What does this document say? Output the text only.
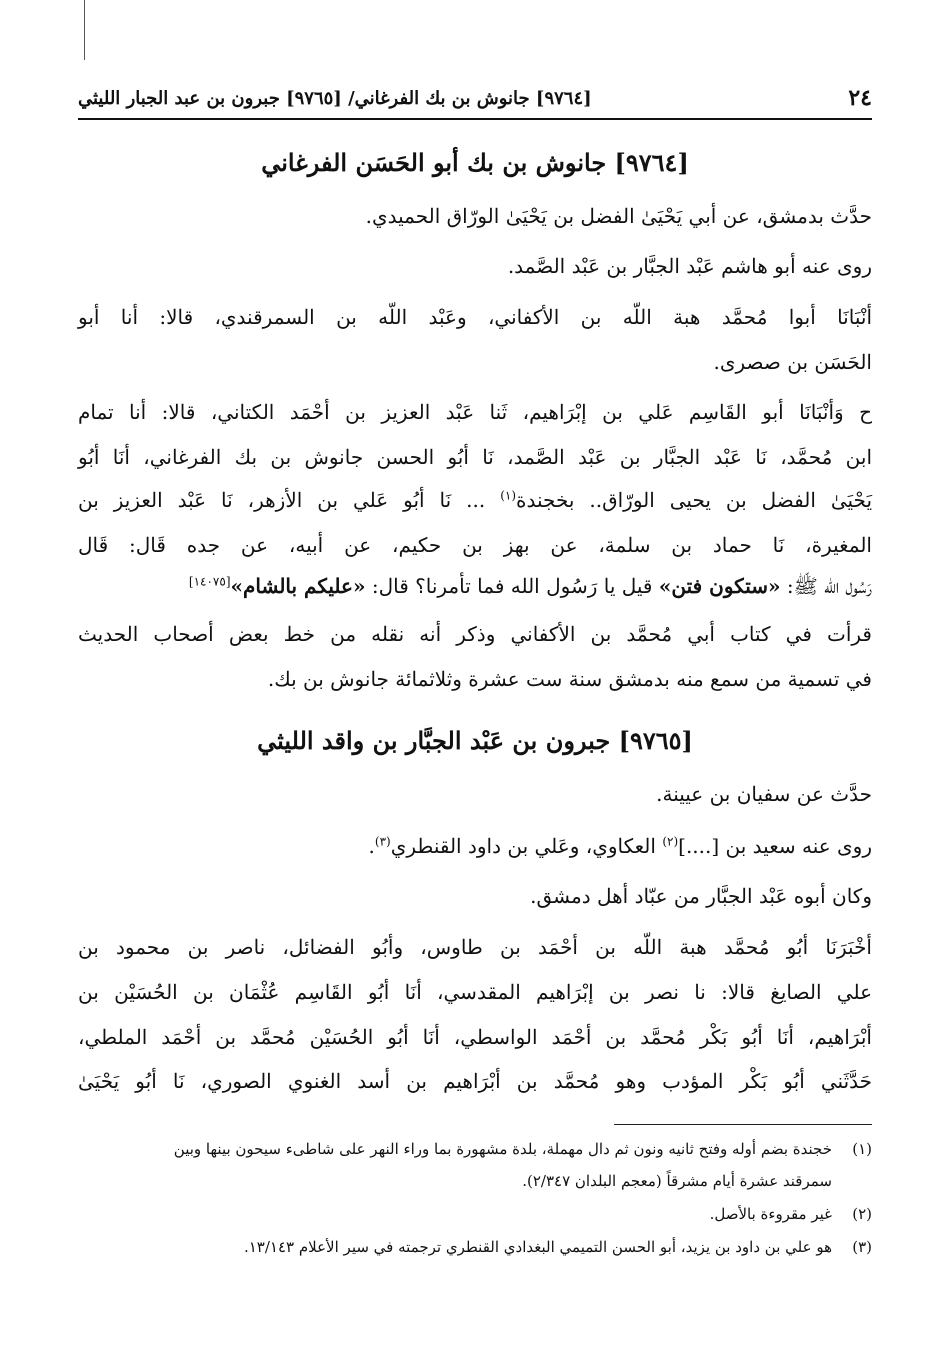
٢٤
[٩٧٦٤] جانوش بن بك الفرغاني/ [٩٧٦٥] جبرون بن عبد الجبار الليثي
[٩٧٦٤] جانوش بن بك أبو الحَسَن الفرغاني
حدَّث بدمشق، عن أبي يَحْيَىٰ الفضل بن يَحْيَىٰ الورّاق الحميدي.
روى عنه أبو هاشم عَبْد الجبَّار بن عَبْد الصَّمد.
أنْبَانَا أبوا مُحمَّد هبة اللّه بن الأكفاني، وعَبْد اللّه بن السمرقندي، قالا: أنا أبو
الحَسَن بن صصرى.
ح وَأنْبَانَا أبو القَاسِم عَلي بن إبْرَاهيم، ثَنا عَبْد العزيز بن أحْمَد الكتاني، قالا: أنا تمام
ابن مُحمَّد، نَا عَبْد الجبَّار بن عَبْد الصَّمد، نَا أبُو الحسن جانوش بن بك الفرغاني، أنَا أبُو
يَحْيَىٰ الفضل بن يحيى الورّاق.. بخجندة$^{(١)}$ ... نَا أبُو عَلي بن الأزهر، نَا عَبْد العزيز بن
المغيرة، نَا حماد بن سلمة، عن بهز بن حكيم، عن أبيه، عن جده قَال: قَال
رَسُول الله ﷺ: «ستكون فتن» قيل يا رَسُول الله فما تأمرنا؟ قال: «عليكم بالشام»[١٤٠٧٥]
قرأت في كتاب أبي مُحمَّد بن الأكفاني وذكر أنه نقله من خط بعض أصحاب الحديث
في تسمية من سمع منه بدمشق سنة ست عشرة وثلاثمائة جانوش بن بك.
[٩٧٦٥] جبرون بن عَبْد الجبَّار بن واقد الليثي
حدَّث عن سفيان بن عيينة.
روى عنه سعيد بن [....]$^{(٢)}$ العكاوي، وعَلي بن داود القنطري$^{(٣)}$.
وكان أبوه عَبْد الجبَّار من عبّاد أهل دمشق.
أخْبَرَنَا أبُو مُحمَّد هبة اللّه بن أحْمَد بن طاوس، وأبُو الفضائل، ناصر بن محمود بن
علي الصايغ قالا: نا نصر بن إبْرَاهيم المقدسي، أنَا أبُو القَاسِم عُثْمَان بن الحُسَيْن بن
أبْرَاهيم، أنَا أبُو بَكْر مُحمَّد بن أحْمَد الواسطي، أنَا أبُو الحُسَيْن مُحمَّد بن أحْمَد الملطي،
حَدَّثَني أبُو بَكْر المؤدب وهو مُحمَّد بن أبْرَاهيم بن أسد الغنوي الصوري، نَا أبُو يَحْيَىٰ
(١)خجندة بضم أوله وفتح ثانيه ونون ثم دال مهملة، بلدة مشهورة بما وراء النهر على شاطىء سيحون بينها وبين
سمرقند عشرة أيام مشرقاً (معجم البلدان ٢/٣٤٧).
(٢)غير مقروءة بالأصل.
(٣)هو علي بن داود بن يزيد، أبو الحسن التميمي البغدادي القنطري ترجمته في سير الأعلام ١٣/١٤٣.
